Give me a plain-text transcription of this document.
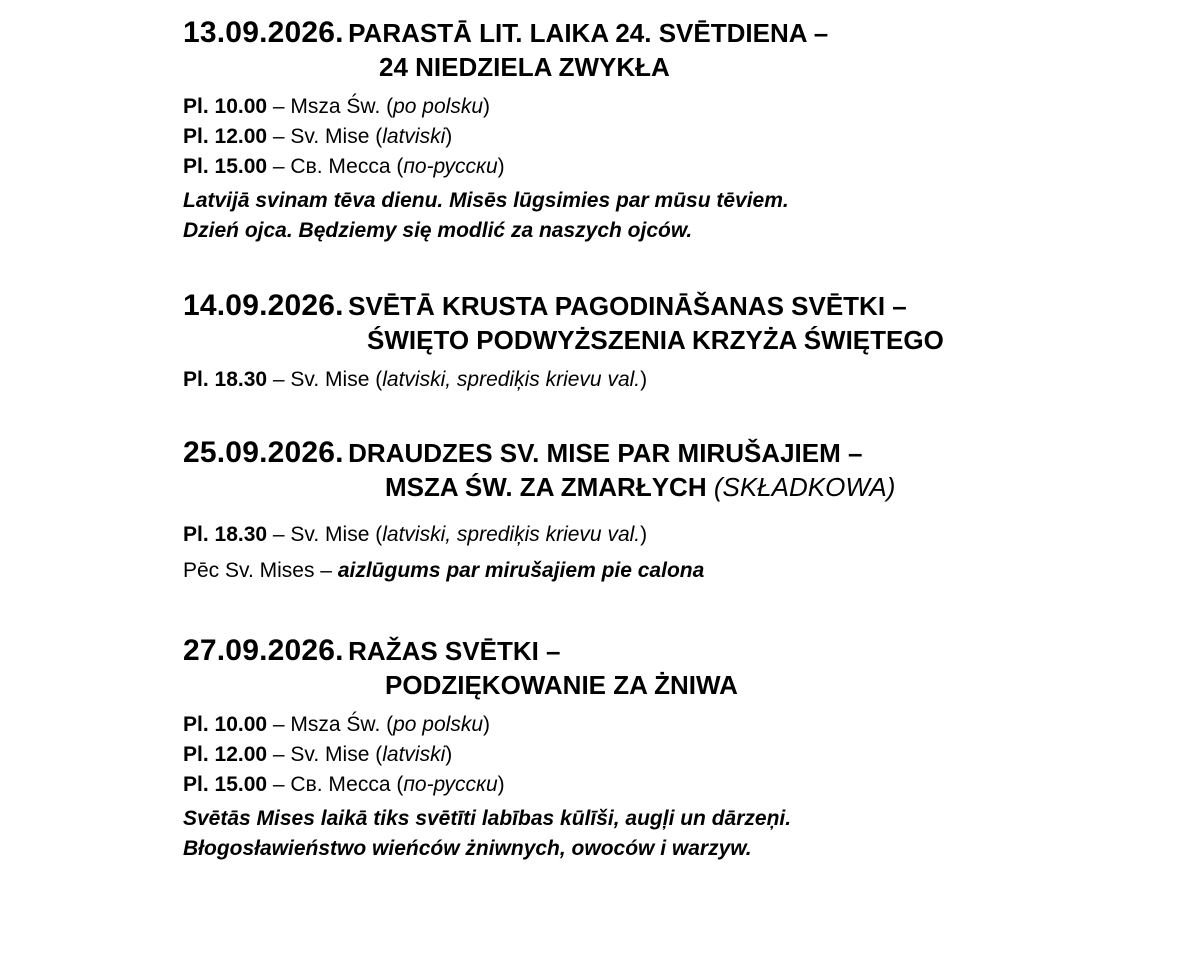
13.09.2026. PARASTĀ LIT. LAIKA 24. SVĒTDIENA –
24 NIEDZIELA ZWYKŁA
Pl. 10.00 – Msza Św. (po polsku)
Pl. 12.00 – Sv. Mise (latviski)
Pl. 15.00 – Св. Месса (по-русски)
Latvijā svinam tēva dienu. Misēs lūgsimies par mūsu tēviem.
Dzień ojca. Będziemy się modlić za naszych ojców.
14.09.2026. SVĒTĀ KRUSTA PAGODINĀŠANAS SVĒTKI –
ŚWIĘTO PODWYŻSZENIA KRZYŻA ŚWIĘTEGO
Pl. 18.30 – Sv. Mise (latviski, sprediķis krievu val.)
25.09.2026. DRAUDZES SV. MISE PAR MIRUŠAJIEM –
MSZA ŚW. ZA ZMARŁYCH (SKŁADKOWA)
Pl. 18.30 – Sv. Mise (latviski, sprediķis krievu val.)
Pēc Sv. Mises – aizlūgums par mirušajiem pie calona
27.09.2026. RAŽAS SVĒTKI –
PODZIĘKOWANIE ZA ŻNIWA
Pl. 10.00 – Msza Św. (po polsku)
Pl. 12.00 – Sv. Mise (latviski)
Pl. 15.00 – Св. Месса (по-русски)
Svētās Mises laikā tiks svētīti labības kūlīši, augļi un dārzeņi.
Błogosławieństwo wieńców żniwnych, owoców i warzyw.
